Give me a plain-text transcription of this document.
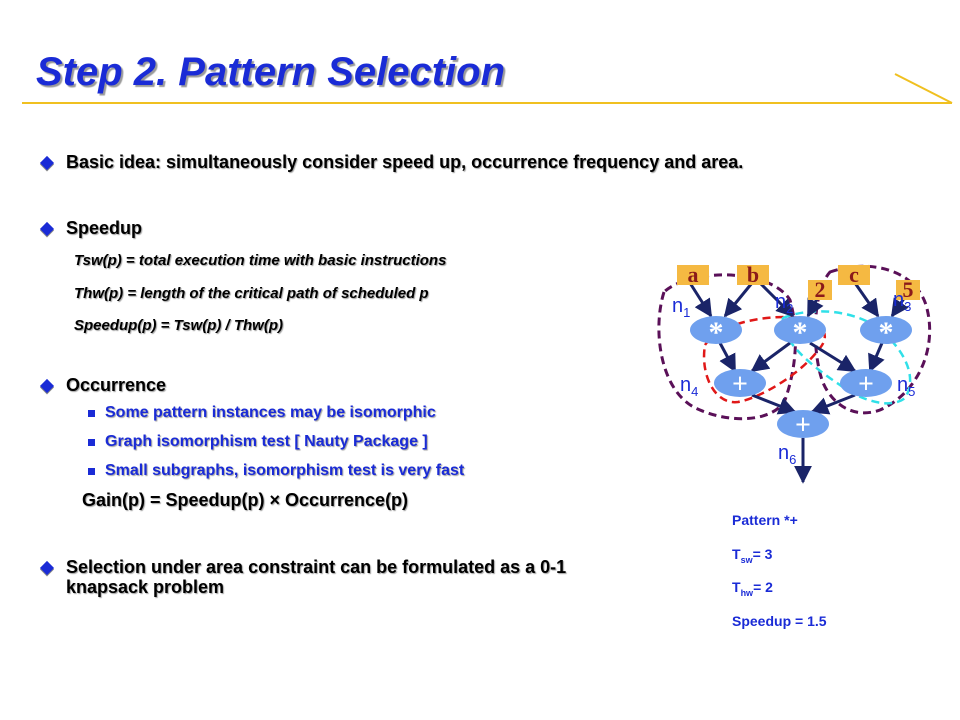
Step 2. Pattern Selection
Basic idea: simultaneously consider speed up, occurrence frequency and area.
Speedup
Tsw(p) = total execution time with basic instructions
Thw(p) = length of the critical path of scheduled p
Speedup(p) = Tsw(p) / Thw(p)
Occurrence
Some pattern instances may be isomorphic
Graph isomorphism test [ Nauty Package ]
Small subgraphs, isomorphism test is very fast
Gain(p) = Speedup(p) × Occurrence(p)
Selection under area constraint can be formulated as a 0-1
knapsack problem
Pattern *+
$T_{sw}= 3$
$T_{hw}= 2$
Speedup = 1.5
a b	c
2	5
* * *
+	+
+
$n_1$	$n_2$	$n_3$
$n_4$	$n_5$
$n_6$
